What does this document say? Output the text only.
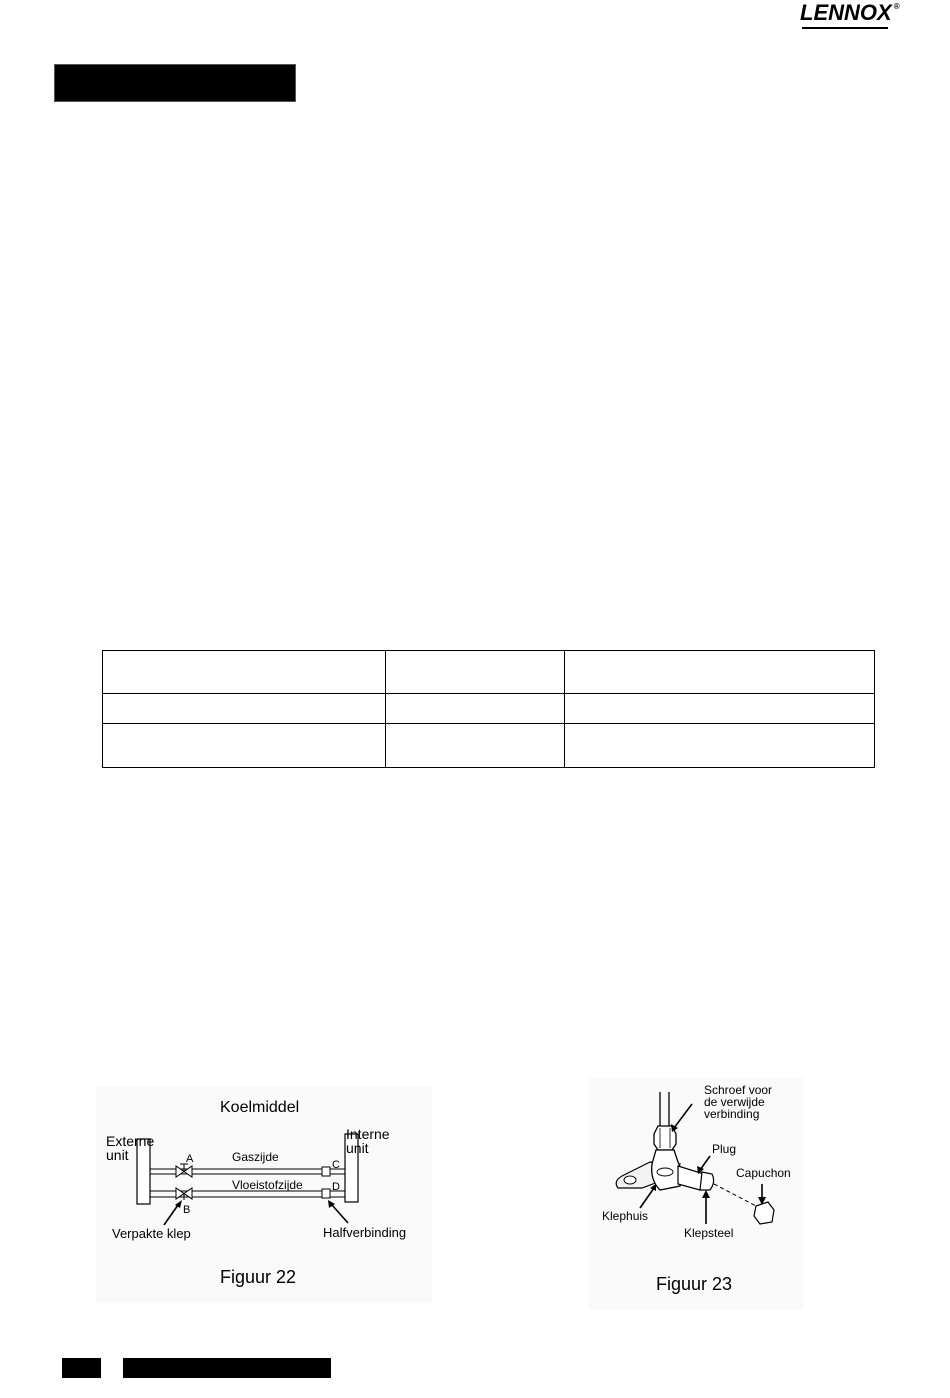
LENNOX ®

Koelmiddel
Externe
unit
Interne
unit
A
B
C
D
Gaszijde
Vloeistofzijde
Verpakte klep	Halfverbinding
Figuur 22
Schroef voor
de verwijde
verbinding
Plug
Capuchon
Klephuis
Klepsteel
Figuur 23
